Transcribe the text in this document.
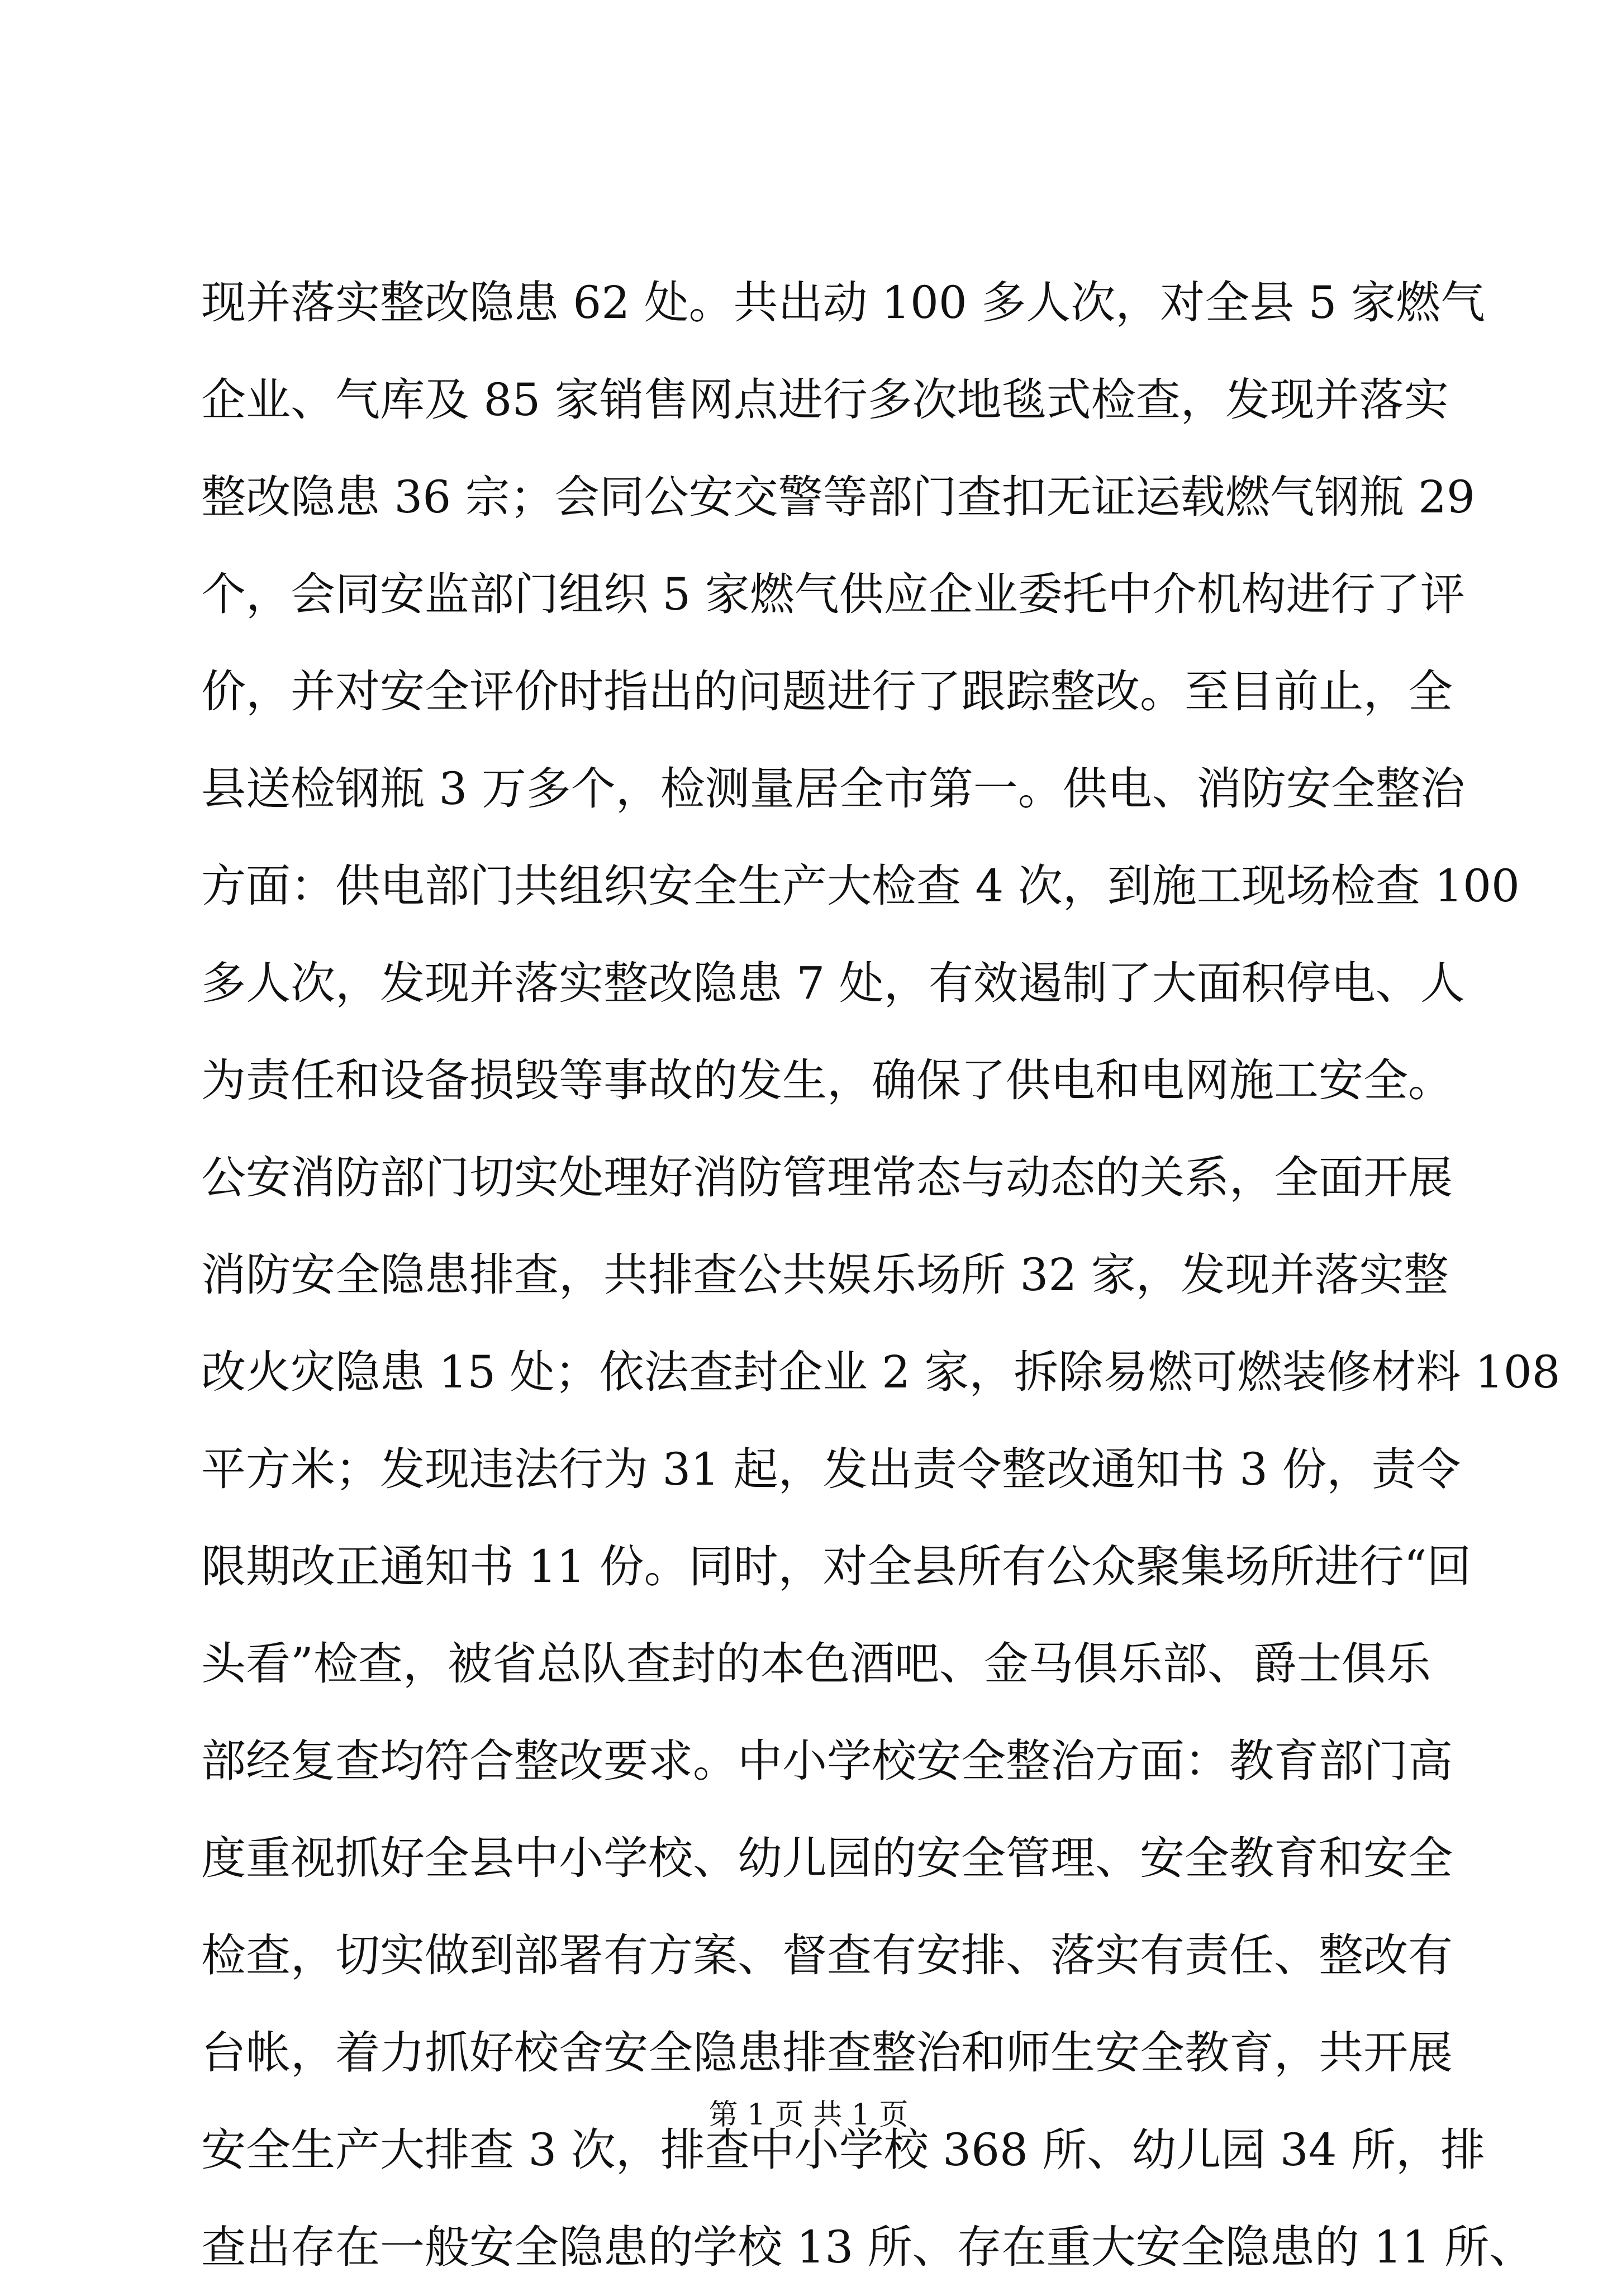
现并落实整改隐患 62 处。共出动 100 多人次，对全县 5 家燃气
企业、气库及 85 家销售网点进行多次地毯式检查，发现并落实
整改隐患 36 宗；会同公安交警等部门查扣无证运载燃气钢瓶 29
个，会同安监部门组织 5 家燃气供应企业委托中介机构进行了评
价，并对安全评价时指出的问题进行了跟踪整改。至目前止，全
县送检钢瓶 3 万多个，检测量居全市第一。供电、消防安全整治
方面：供电部门共组织安全生产大检查 4 次，到施工现场检查 100
多人次，发现并落实整改隐患 7 处，有效遏制了大面积停电、人
为责任和设备损毁等事故的发生，确保了供电和电网施工安全。
公安消防部门切实处理好消防管理常态与动态的关系，全面开展
消防安全隐患排查，共排查公共娱乐场所 32 家，发现并落实整
改火灾隐患 15 处；依法查封企业 2 家，拆除易燃可燃装修材料 108
平方米；发现违法行为 31 起，发出责令整改通知书 3 份，责令
限期改正通知书 11 份。同时，对全县所有公众聚集场所进行“回
头看”检查，被省总队查封的本色酒吧、金马俱乐部、爵士俱乐
部经复查均符合整改要求。中小学校安全整治方面：教育部门高
度重视抓好全县中小学校、幼儿园的安全管理、安全教育和安全
检查，切实做到部署有方案、督查有安排、落实有责任、整改有
台帐，着力抓好校舍安全隐患排查整治和师生安全教育，共开展
安全生产大排查 3 次，排查中小学校 368 所、幼儿园 34 所，排
查出存在一般安全隐患的学校 13 所、存在重大安全隐患的 11 所、
第 1 页 共 1 页
